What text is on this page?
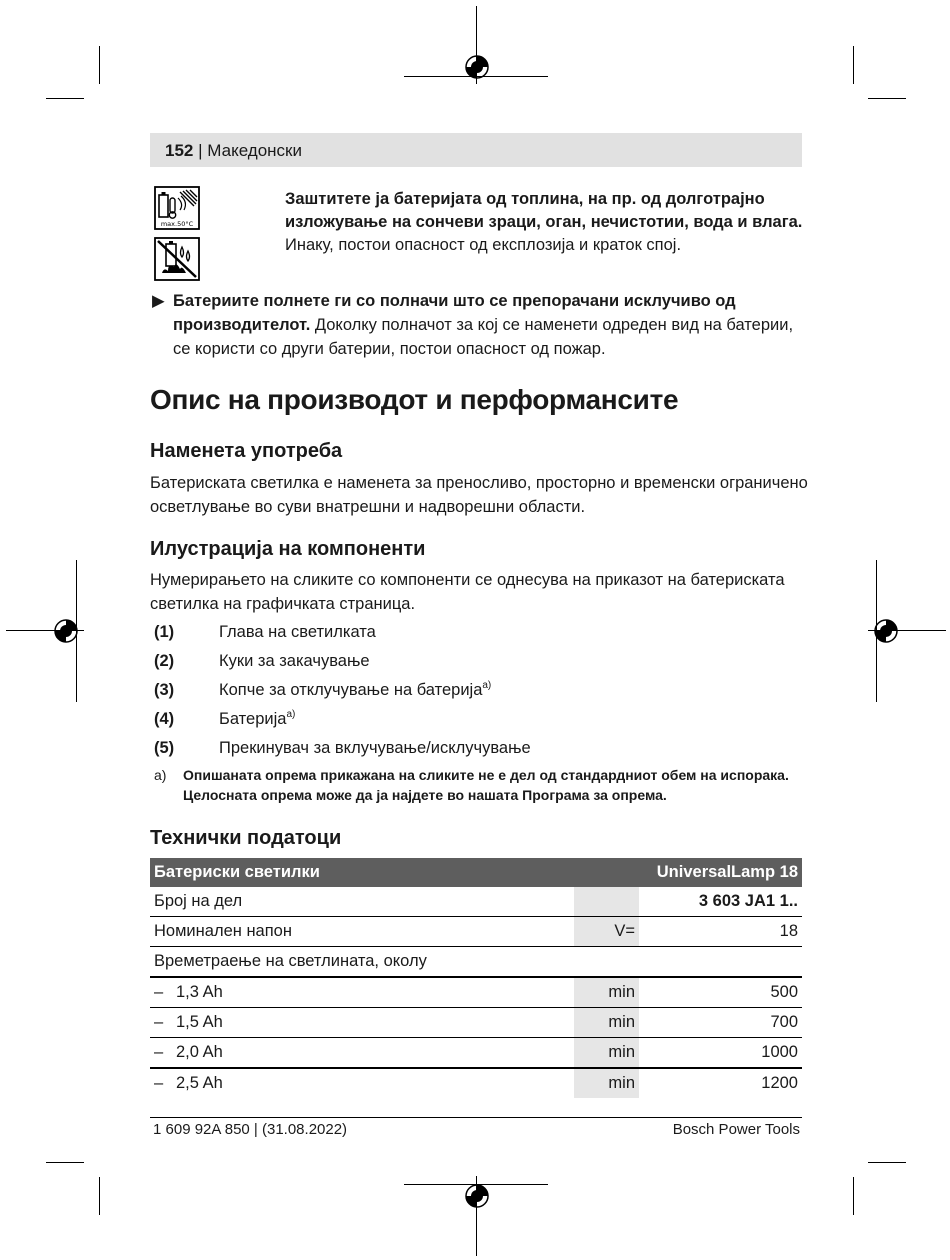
152 | Македонски
max.50°C
Заштитете ја батеријата од топлина, на пр. од долготрајно изложување на сончеви зраци, оган, нечистотии, вода и влага. Инаку, постои опасност од експлозија и краток спој.
▶ Батериите полнете ги со полначи што се препорачани исклучиво од производителот. Доколку полначот за кој се наменети одреден вид на батерии, се користи со други батерии, постои опасност од пожар.
Опис на производот и перформансите
Наменета употреба

Батериската светилка е наменета за преносливо, просторно и временски ограничено осветлување во суви внатрешни и надворешни области.

Илустрација на компоненти

Нумерирањето на сликите со компоненти се однесува на приказот на батериската светилка на графичката страница.

(1)	Глава на светилката
(2)	Куки за закачување
(3)	Копче за отклучување на батерија$^{a)}$
(4)	Батерија$^{a)}$
(5)	Прекинувач за вклучување/исклучување
a) Опишаната опрема прикажана на сликите не е дел од стандардниот обем на испорака. Целосната опрема може да ја најдете во нашата Програма за опрема.
Технички податоци
Батериски светилки		UniversalLamp 18
Број на дел		3 603 JA1 1..
Номинален напон	V=	18
Времетраење на светлината, околу		
– 1,3 Ah	min	500
– 1,5 Ah	min	700
– 2,0 Ah	min	1000
– 2,5 Ah	min	1200
1 609 92A 850 | (31.08.2022)	Bosch Power Tools
